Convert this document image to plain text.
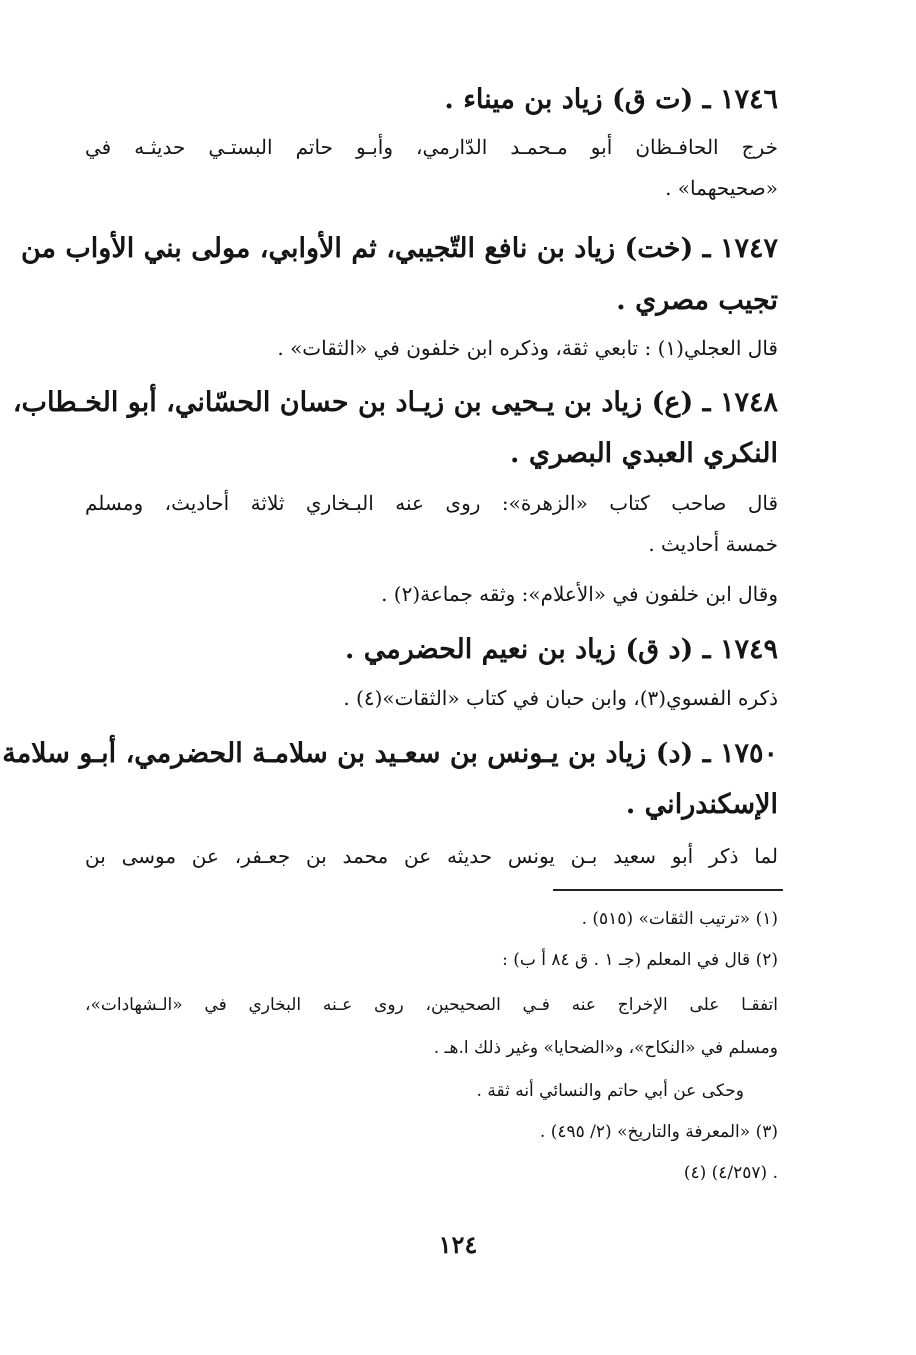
١٧٤٦ ـ (ت ق) زياد بن ميناء .
خرج الحافـظان أبو مـحمـد الدّارمي، وأبـو حاتم البستـي حديثـه في
«صحيحهما» .
١٧٤٧ ـ (خت) زياد بن نافع التّجيبي، ثم الأوابي، مولى بني الأواب من
تجيب مصري .
قال العجلي(١) : تابعي ثقة، وذكره ابن خلفون في «الثقات» .
١٧٤٨ ـ (ع) زياد بن يـحيى بن زيـاد بن حسان الحسّاني، أبو الخـطاب،
النكري العبدي البصري .
قال صاحب كتاب «الزهرة»: روى عنه البـخاري ثلاثة أحاديث، ومسلم
خمسة أحاديث .
وقال ابن خلفون في «الأعلام»: وثقه جماعة(٢) .
١٧٤٩ ـ (د ق) زياد بن نعيم الحضرمي .
ذكره الفسوي(٣)، وابن حبان في كتاب «الثقات»(٤) .
١٧٥٠ ـ (د) زياد بن يـونس بن سعـيد بن سلامـة الحضرمي، أبـو سلامة
الإسكندراني .
لما ذكر أبو سعيد بـن يونس حديثه عن محمد بن جعـفر، عن موسى بن
(١) «ترتيب الثقات» (٥١٥) .
(٢) قال في المعلم (جـ ١ . ق ٨٤ أ ب) :
اتفقـا على الإخراج عنه فـي الصحيحين، روى عـنه البخاري في «الـشهادات»،
ومسلم في «النكاح»، و«الضحايا» وغير ذلك ا.هـ .
وحكى عن أبي حاتم والنسائي أنه ثقة .
(٣) «المعرفة والتاريخ» (٢/ ٤٩٥) .
(٤) (٤/٢٥٧) .
١٢٤
